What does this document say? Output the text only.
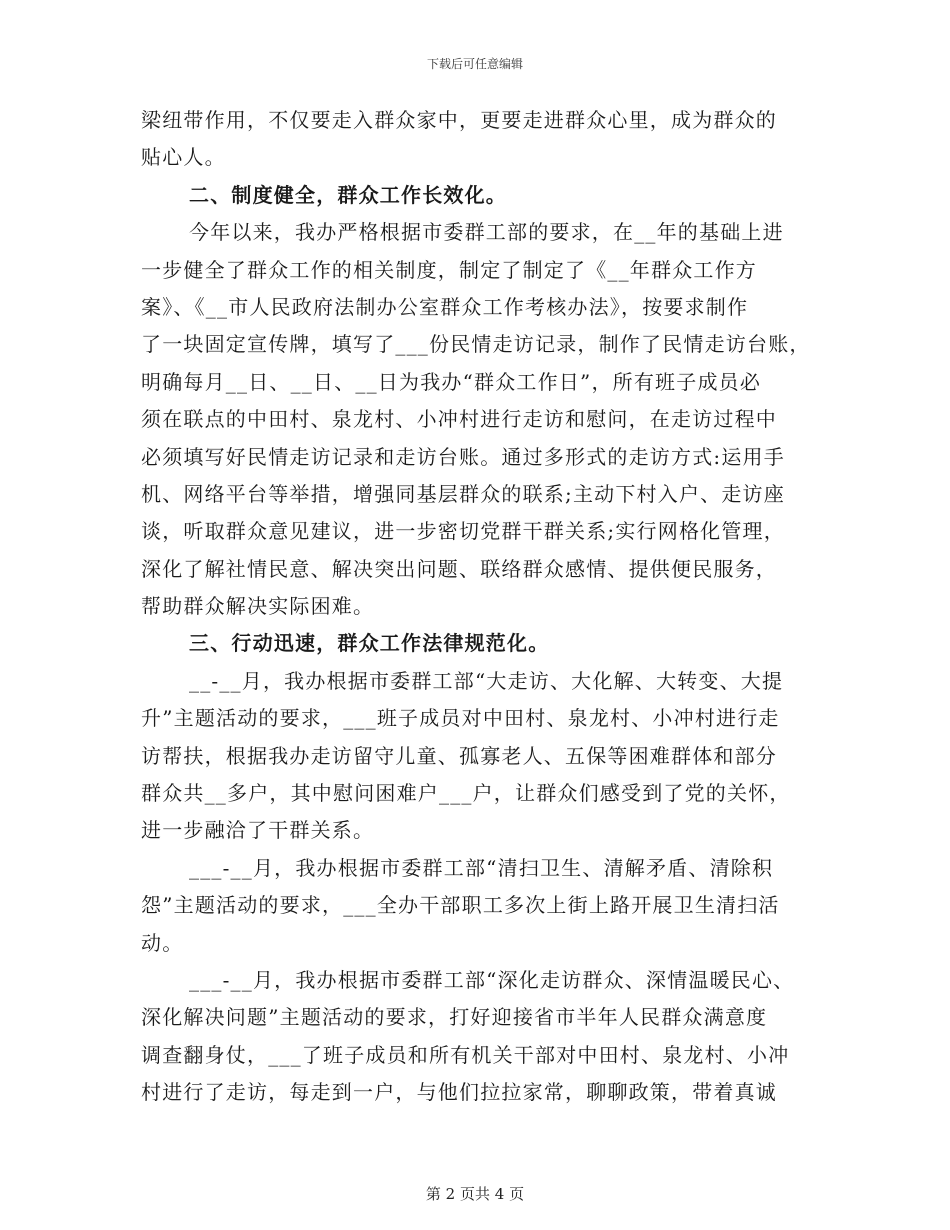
下载后可任意编辑
梁纽带作用，不仅要走入群众家中，更要走进群众心里，成为群众的
贴心人。
二、制度健全，群众工作长效化。
今年以来，我办严格根据市委群工部的要求，在__年的基础上进
一步健全了群众工作的相关制度，制定了制定了《__年群众工作方
案》、《__市人民政府法制办公室群众工作考核办法》，按要求制作
了一块固定宣传牌，填写了___份民情走访记录，制作了民情走访台账，
明确每月__日、__日、__日为我办“群众工作日”，所有班子成员必
须在联点的中田村、泉龙村、小冲村进行走访和慰问，在走访过程中
必须填写好民情走访记录和走访台账。通过多形式的走访方式:运用手
机、网络平台等举措，增强同基层群众的联系;主动下村入户、走访座
谈，听取群众意见建议，进一步密切党群干群关系;实行网格化管理，
深化了解社情民意、解决突出问题、联络群众感情、提供便民服务，
帮助群众解决实际困难。
三、行动迅速，群众工作法律规范化。
__-__月，我办根据市委群工部“大走访、大化解、大转变、大提
升”主题活动的要求，___班子成员对中田村、泉龙村、小冲村进行走
访帮扶，根据我办走访留守儿童、孤寡老人、五保等困难群体和部分
群众共__多户，其中慰问困难户___户，让群众们感受到了党的关怀，
进一步融洽了干群关系。
___-__月，我办根据市委群工部“清扫卫生、清解矛盾、清除积
怨”主题活动的要求，___全办干部职工多次上街上路开展卫生清扫活
动。
___-__月，我办根据市委群工部“深化走访群众、深情温暖民心、
深化解决问题”主题活动的要求，打好迎接省市半年人民群众满意度
调查翻身仗，___了班子成员和所有机关干部对中田村、泉龙村、小冲
村进行了走访，每走到一户，与他们拉拉家常，聊聊政策，带着真诚
第 2 页共 4 页
